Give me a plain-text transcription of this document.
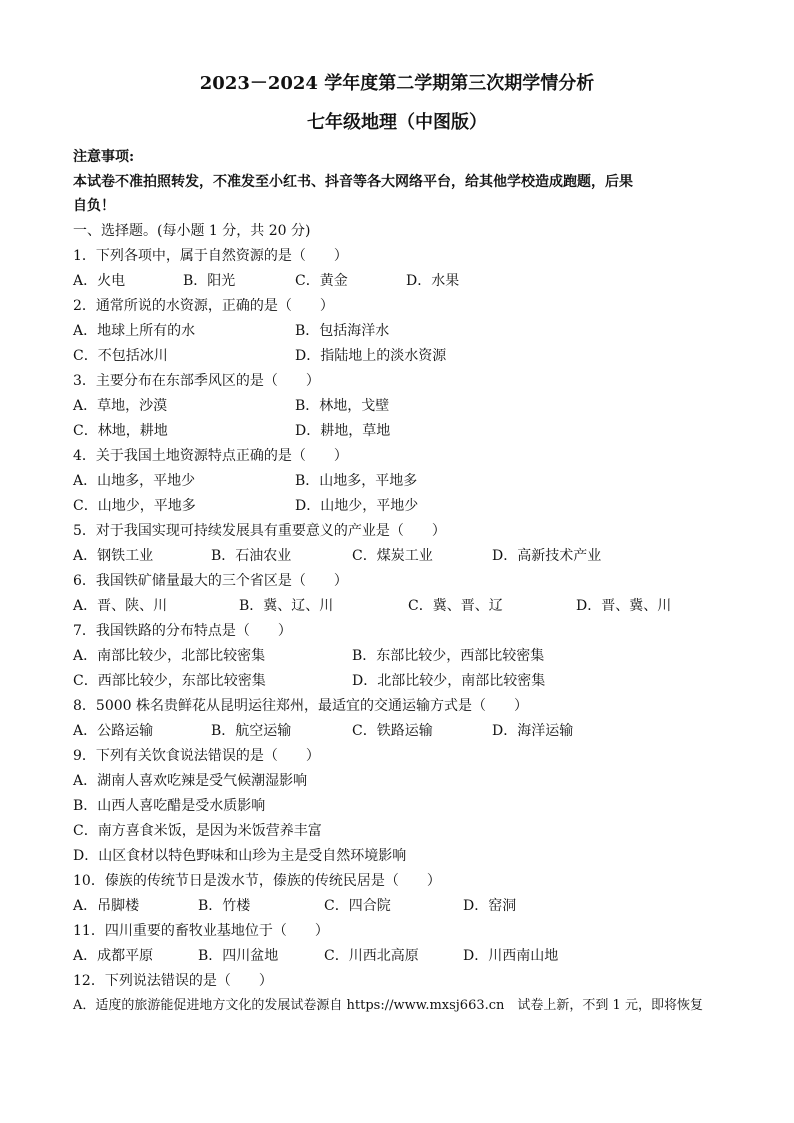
2023－2024 学年度第二学期第三次期学情分析
七年级地理（中图版）
注意事项:
本试卷不准拍照转发，不准发至小红书、抖音等各大网络平台，给其他学校造成跑题，后果
自负！
一、选择题。(每小题 1 分，共 20 分)
1．下列各项中，属于自然资源的是（　　）
A．火电	B．阳光	C．黄金	D．水果
2．通常所说的水资源，正确的是（　　）
A．地球上所有的水	B．包括海洋水
C．不包括冰川	D．指陆地上的淡水资源
3．主要分布在东部季风区的是（　　）
A．草地，沙漠	B．林地，戈壁
C．林地，耕地	D．耕地，草地
4．关于我国土地资源特点正确的是（　　）
A．山地多，平地少	B．山地多，平地多
C．山地少，平地多	D．山地少，平地少
5．对于我国实现可持续发展具有重要意义的产业是（　　）
A．钢铁工业	B．石油农业	C．煤炭工业	D．高新技术产业
6．我国铁矿储量最大的三个省区是（　　）
A．晋、陕、川	B．冀、辽、川	C．冀、晋、辽	D．晋、冀、川
7．我国铁路的分布特点是（　　）
A．南部比较少，北部比较密集	B．东部比较少，西部比较密集
C．西部比较少，东部比较密集	D．北部比较少，南部比较密集
8．5000 株名贵鲜花从昆明运往郑州，最适宜的交通运输方式是（　　）
A．公路运输	B．航空运输	C．铁路运输	D．海洋运输
9．下列有关饮食说法错误的是（　　）
A．湖南人喜欢吃辣是受气候潮湿影响
B．山西人喜吃醋是受水质影响
C．南方喜食米饭，是因为米饭营养丰富
D．山区食材以特色野味和山珍为主是受自然环境影响
10．傣族的传统节日是泼水节，傣族的传统民居是（　　）
A．吊脚楼	B．竹楼	C．四合院	D．窑洞
11．四川重要的畜牧业基地位于（　　）
A．成都平原	B．四川盆地	C．川西北高原	D．川西南山地
12．下列说法错误的是（　　）
A．适度的旅游能促进地方文化的发展试卷源自 https://www.mxsj663.cn　试卷上新，不到 1 元，即将恢复
